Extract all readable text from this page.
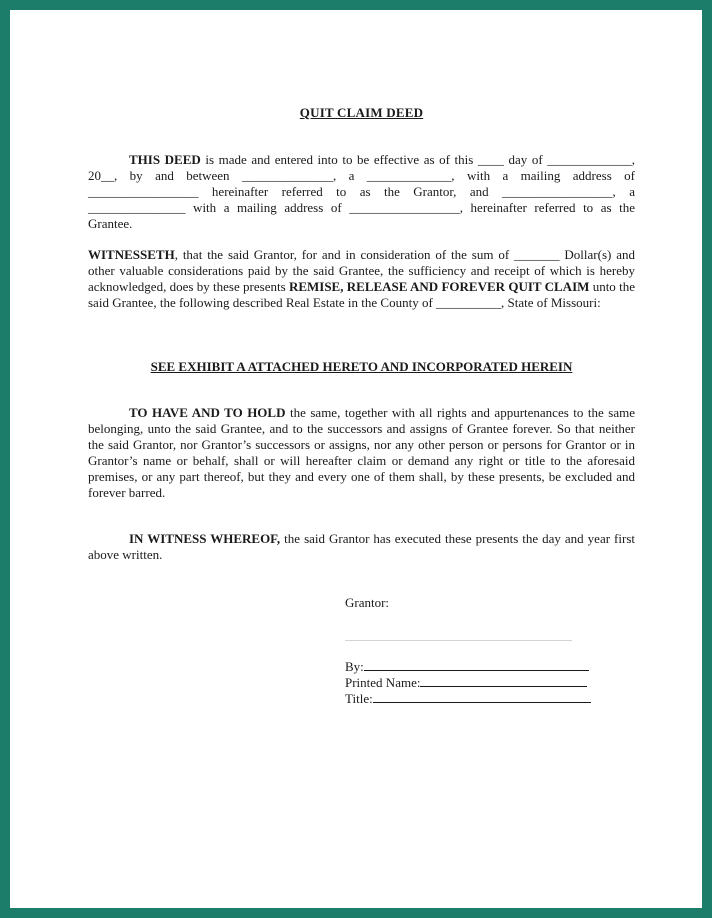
QUIT CLAIM DEED

THIS DEED is made and entered into to be effective as of this ____ day of _____________, 20__, by and between ______________, a _____________, with a mailing address of _________________ hereinafter referred to as the Grantor, and _________________, a _______________ with a mailing address of _________________, hereinafter referred to as the Grantee.

WITNESSETH, that the said Grantor, for and in consideration of the sum of _______ Dollar(s) and other valuable considerations paid by the said Grantee, the sufficiency and receipt of which is hereby acknowledged, does by these presents REMISE, RELEASE AND FOREVER QUIT CLAIM unto the said Grantee, the following described Real Estate in the County of __________, State of Missouri:

SEE EXHIBIT A ATTACHED HERETO AND INCORPORATED HEREIN

TO HAVE AND TO HOLD the same, together with all rights and appurtenances to the same belonging, unto the said Grantee, and to the successors and assigns of Grantee forever. So that neither the said Grantor, nor Grantor’s successors or assigns, nor any other person or persons for Grantor or in Grantor’s name or behalf, shall or will hereafter claim or demand any right or title to the aforesaid premises, or any part thereof, but they and every one of them shall, by these presents, be excluded and forever barred.

IN WITNESS WHEREOF, the said Grantor has executed these presents the day and year first above written.

Grantor:
By:
Printed Name:
Title:
